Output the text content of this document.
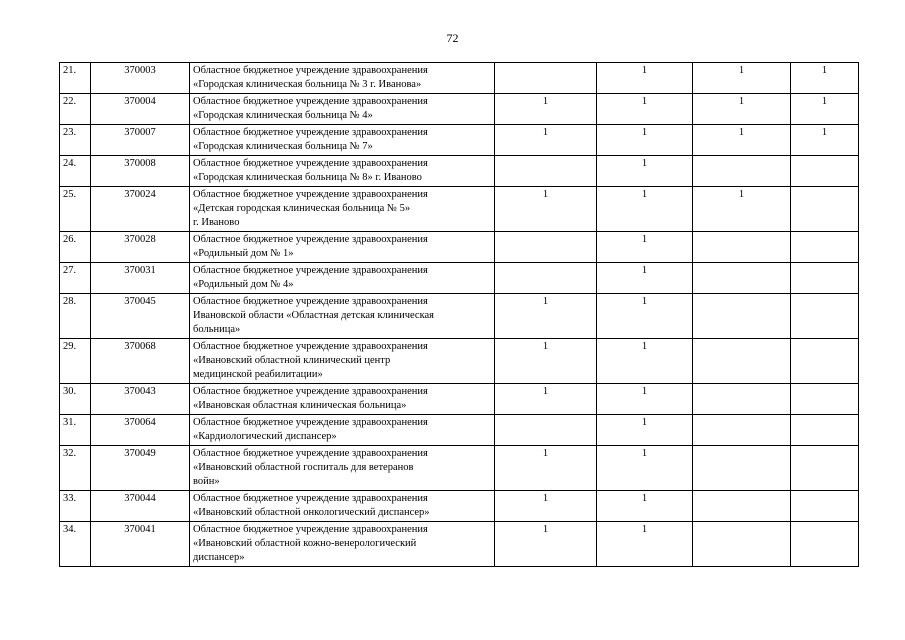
72
21.	370003	Областное бюджетное учреждение здравоохранения
«Городская клиническая больница № 3 г. Иванова»		1	1	1
22.	370004	Областное бюджетное учреждение здравоохранения
«Городская клиническая больница № 4»	1	1	1	1
23.	370007	Областное бюджетное учреждение здравоохранения
«Городская клиническая больница № 7»	1	1	1	1
24.	370008	Областное бюджетное учреждение здравоохранения
«Городская клиническая больница № 8» г. Иваново		1		
25.	370024	Областное бюджетное учреждение здравоохранения
«Детская городская клиническая больница № 5»
г. Иваново	1	1	1	
26.	370028	Областное бюджетное учреждение здравоохранения
«Родильный дом № 1»		1		
27.	370031	Областное бюджетное учреждение здравоохранения
«Родильный дом № 4»		1		
28.	370045	Областное бюджетное учреждение здравоохранения
Ивановской области «Областная детская клиническая
больница»	1	1		
29.	370068	Областное бюджетное учреждение здравоохранения
«Ивановский областной клинический центр
медицинской реабилитации»	1	1		
30.	370043	Областное бюджетное учреждение здравоохранения
«Ивановская областная клиническая больница»	1	1		
31.	370064	Областное бюджетное учреждение здравоохранения
«Кардиологический диспансер»		1		
32.	370049	Областное бюджетное учреждение здравоохранения
«Ивановский областной госпиталь для ветеранов
войн»	1	1		
33.	370044	Областное бюджетное учреждение здравоохранения
«Ивановский областной онкологический диспансер»	1	1		
34.	370041	Областное бюджетное учреждение здравоохранения
«Ивановский областной кожно-венерологический
диспансер»	1	1		
